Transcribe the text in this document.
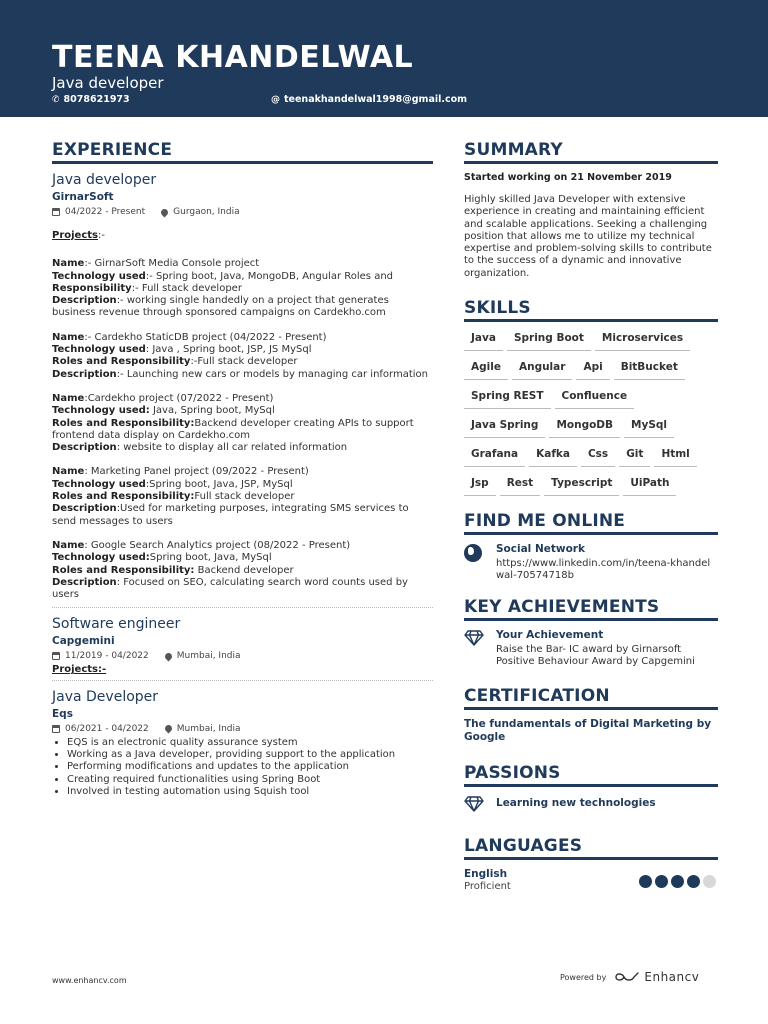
TEENA KHANDELWAL
Java developer
✆ 8078621973	@ teenakhandelwal1998@gmail.com
EXPERIENCE
Java developer
GirnarSoft
04/2022 - Present	Gurgaon, India
Projects:-
Name:- GirnarSoft Media Console project
Technology used:- Spring boot, Java, MongoDB, Angular Roles and
Responsibility:- Full stack developer
Description:- working single handedly on a project that generates business revenue through sponsored campaigns on Cardekho.com
Name:- Cardekho StaticDB project (04/2022 - Present)
Technology used: Java , Spring boot, JSP, JS MySql
Roles and Responsibility:-Full stack developer
Description:- Launching new cars or models by managing car information
Name:Cardekho project (07/2022 - Present)
Technology used: Java, Spring boot, MySql
Roles and Responsibility:Backend developer creating APIs to support frontend data display on Cardekho.com
Description: website to display all car related information
Name: Marketing Panel project (09/2022 - Present)
Technology used:Spring boot, Java, JSP, MySql
Roles and Responsibility:Full stack developer
Description:Used for marketing purposes, integrating SMS services to send messages to users
Name: Google Search Analytics project (08/2022 - Present)
Technology used:Spring boot, Java, MySql
Roles and Responsibility: Backend developer
Description: Focused on SEO, calculating search word counts used by users
Software engineer
Capgemini
11/2019 - 04/2022	Mumbai, India
Projects:-
Java Developer
Eqs
06/2021 - 04/2022	Mumbai, India
• EQS is an electronic quality assurance system
• Working as a Java developer, providing support to the application
• Performing modifications and updates to the application
• Creating required functionalities using Spring Boot
• Involved in testing automation using Squish tool
SUMMARY
Started working on 21 November 2019
Highly skilled Java Developer with extensive experience in creating and maintaining efficient and scalable applications. Seeking a challenging position that allows me to utilize my technical expertise and problem-solving skills to contribute to the success of a dynamic and innovative organization.
SKILLS
Java	Spring Boot	Microservices
Agile	Angular	Api	BitBucket
Spring REST	Confluence
Java Spring	MongoDB	MySql
Grafana	Kafka	Css	Git	Html
Jsp	Rest	Typescript	UiPath
FIND ME ONLINE
Social Network
https://www.linkedin.com/in/teena-khandelwal-70574718b
KEY ACHIEVEMENTS
Your Achievement
Raise the Bar- IC award by Girnarsoft Positive Behaviour Award by Capgemini
CERTIFICATION
The fundamentals of Digital Marketing by Google
PASSIONS
Learning new technologies
LANGUAGES
English
Proficient
www.enhancv.com	Powered by	Enhancv
